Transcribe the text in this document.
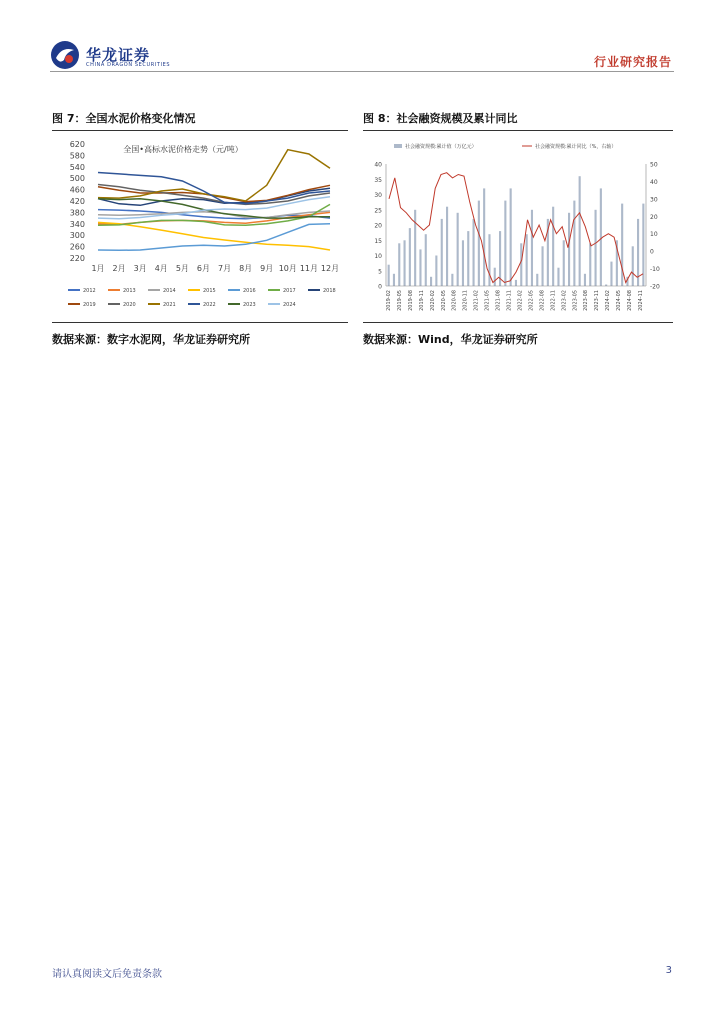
华龙证券
CHINA DRAGON SECURITIES	行业研究报告
图 7：全国水泥价格变化情况
全国•高标水泥价格走势（元/吨）
220
260
300
340
380
420
460
500
540
580
620
1月 2月 3月 4月 5月 6月 7月 8月 9月 10月 11月 12月
2012	2013	2014	2015	2016	2017	2018
2019	2020	2021	2022	2023	2024
数据来源：数字水泥网，华龙证券研究所
图 8：社会融资规模及累计同比
社会融资规模:累计值（万亿元）	社会融资规模:累计同比（%，右轴）
0
5
10
15
20
25
30
35
40
-20
-10
0
10
20
30
40
50
2019-02 2019-05 2019-08 2019-11 2020-02 2020-05 2020-08 2020-11 2021-02 2021-05 2021-08 2021-11 2022-02 2022-05 2022-08 2022-11 2023-02 2023-05 2023-08 2023-11 2024-02 2024-05 2024-08 2024-11
数据来源：Wind，华龙证券研究所
请认真阅读文后免责条款	3
